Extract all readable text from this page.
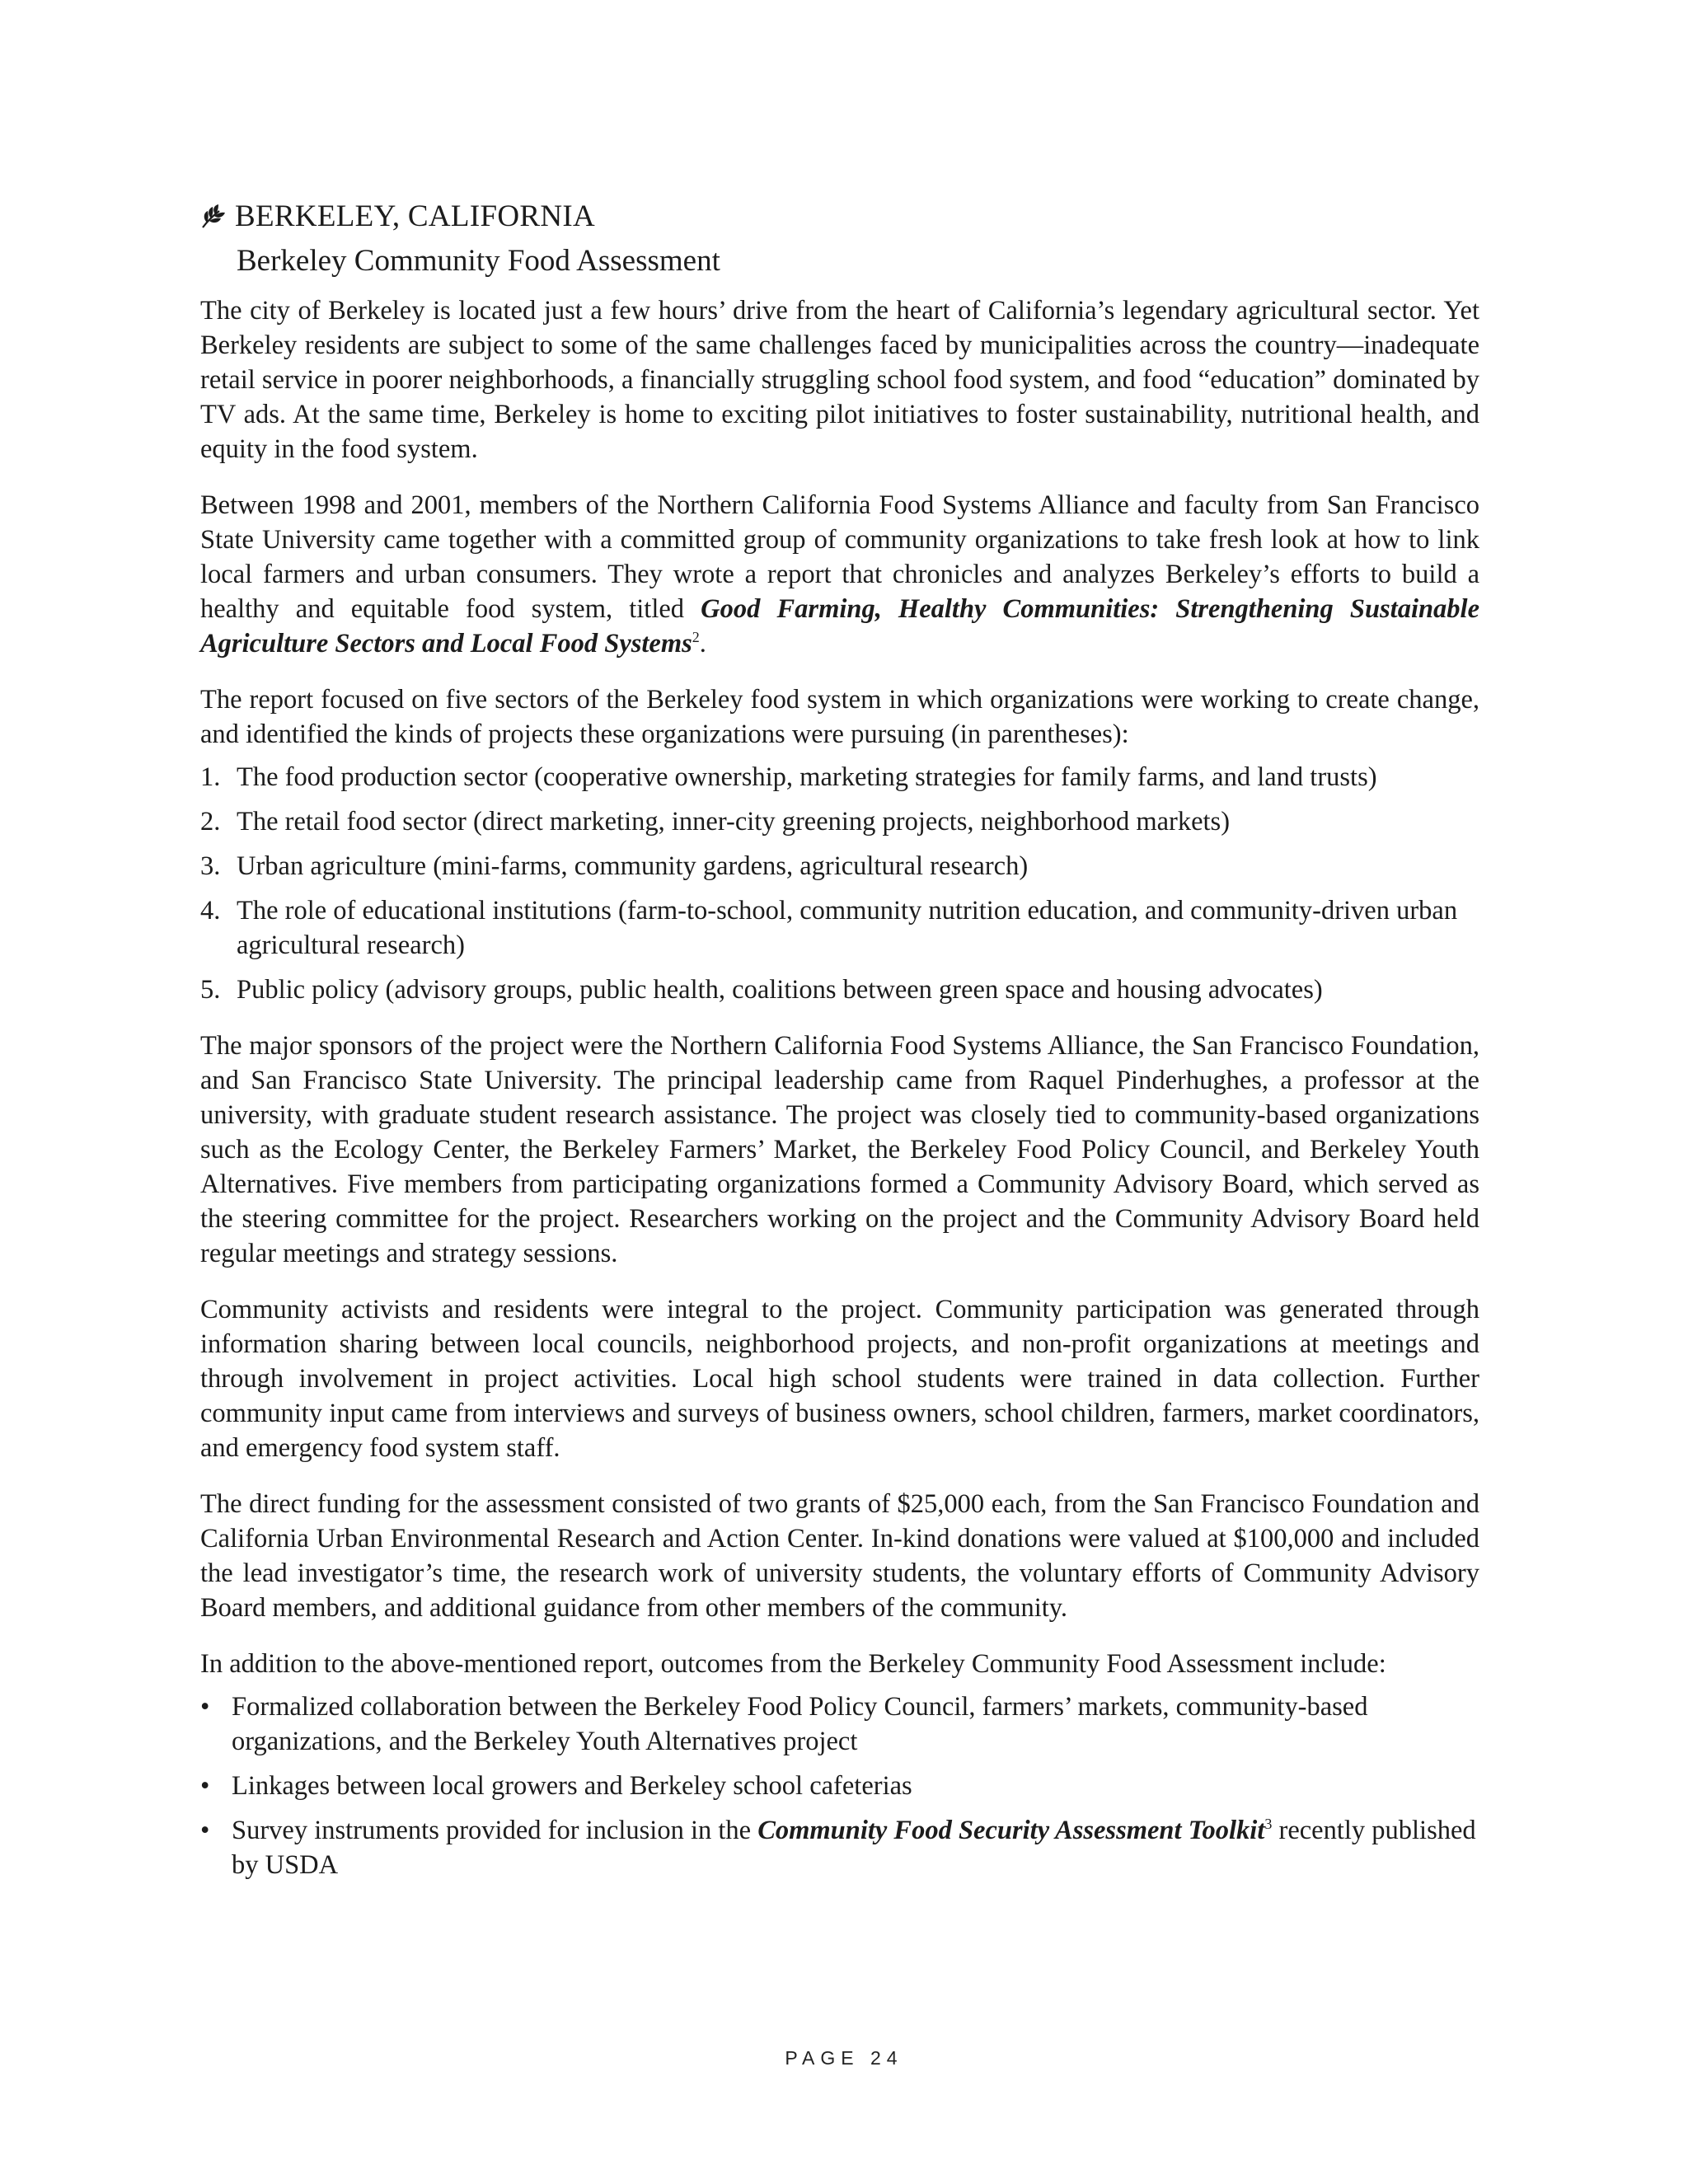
BERKELEY, CALIFORNIA
Berkeley Community Food Assessment

The city of Berkeley is located just a few hours’ drive from the heart of California’s legendary agricultural sector. Yet Berkeley residents are subject to some of the same challenges faced by municipalities across the country—inadequate retail service in poorer neighborhoods, a financially struggling school food system, and food “education” dominated by TV ads. At the same time, Berkeley is home to exciting pilot initiatives to foster sustainability, nutritional health, and equity in the food system.

Between 1998 and 2001, members of the Northern California Food Systems Alliance and faculty from San Francisco State University came together with a committed group of community organizations to take fresh look at how to link local farmers and urban consumers. They wrote a report that chronicles and analyzes Berkeley’s efforts to build a healthy and equitable food system, titled Good Farming, Healthy Communities: Strengthening Sustainable Agriculture Sectors and Local Food Systems$^2$.

The report focused on five sectors of the Berkeley food system in which organizations were working to create change, and identified the kinds of projects these organizations were pursuing (in parentheses):

1. The food production sector (cooperative ownership, marketing strategies for family farms, and land trusts)
2. The retail food sector (direct marketing, inner-city greening projects, neighborhood markets)
3. Urban agriculture (mini-farms, community gardens, agricultural research)
4. The role of educational institutions (farm-to-school, community nutrition education, and community-driven urban agricultural research)
5. Public policy (advisory groups, public health, coalitions between green space and housing advocates)

The major sponsors of the project were the Northern California Food Systems Alliance, the San Francisco Foundation, and San Francisco State University. The principal leadership came from Raquel Pinderhughes, a professor at the university, with graduate student research assistance. The project was closely tied to community-based organizations such as the Ecology Center, the Berkeley Farmers’ Market, the Berkeley Food Policy Council, and Berkeley Youth Alternatives. Five members from participating organizations formed a Community Advisory Board, which served as the steering committee for the project. Researchers working on the project and the Community Advisory Board held regular meetings and strategy sessions.

Community activists and residents were integral to the project. Community participation was generated through information sharing between local councils, neighborhood projects, and non-profit organizations at meetings and through involvement in project activities. Local high school students were trained in data collection. Further community input came from interviews and surveys of business owners, school children, farmers, market coordinators, and emergency food system staff.

The direct funding for the assessment consisted of two grants of $25,000 each, from the San Francisco Foundation and California Urban Environmental Research and Action Center. In-kind donations were valued at $100,000 and included the lead investigator’s time, the research work of university students, the voluntary efforts of Community Advisory Board members, and additional guidance from other members of the community.

In addition to the above-mentioned report, outcomes from the Berkeley Community Food Assessment include:

• Formalized collaboration between the Berkeley Food Policy Council, farmers’ markets, community-based organizations, and the Berkeley Youth Alternatives project
• Linkages between local growers and Berkeley school cafeterias
• Survey instruments provided for inclusion in the Community Food Security Assessment Toolkit$^3$ recently published by USDA
PAGE 24
